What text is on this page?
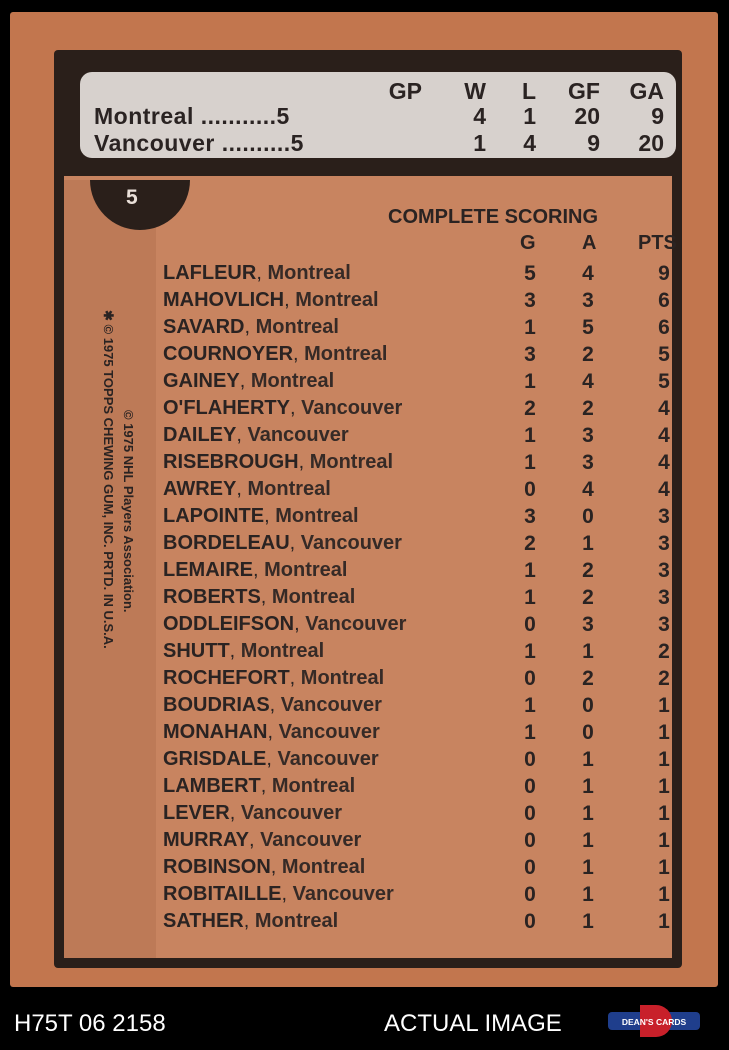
GP	W	L	GF	GA
Montreal ...........5	4	1	20	9
Vancouver ..........5	1	4	9	20
5
COMPLETE SCORING
G A PTS
LAFLEUR, Montreal	5 4	9
MAHOVLICH, Montreal	3 3	6
SAVARD, Montreal	1 5	6
COURNOYER, Montreal	3 2	5
GAINEY, Montreal	1 4	5
O'FLAHERTY, Vancouver	2 2	4
DAILEY, Vancouver	1 3	4
RISEBROUGH, Montreal	1 3	4
AWREY, Montreal	0 4	4
LAPOINTE, Montreal	3 0	3
BORDELEAU, Vancouver	2 1	3
LEMAIRE, Montreal	1 2	3
ROBERTS, Montreal	1 2	3
ODDLEIFSON, Vancouver	0 3	3
SHUTT, Montreal	1 1	2
ROCHEFORT, Montreal	0 2	2
BOUDRIAS, Vancouver	1 0	1
MONAHAN, Vancouver	1 0	1
GRISDALE, Vancouver	0 1	1
LAMBERT, Montreal	0 1	1
LEVER, Vancouver	0 1	1
MURRAY, Vancouver	0 1	1
ROBINSON, Montreal	0 1	1
ROBITAILLE, Vancouver	0 1	1
SATHER, Montreal	0 1	1
✱ © 1975 TOPPS CHEWING GUM, INC. PRTD. IN U.S.A. © 1975 NHL Players Association.
H75T 06 2158	ACTUAL IMAGE	DEAN'S CARDS
